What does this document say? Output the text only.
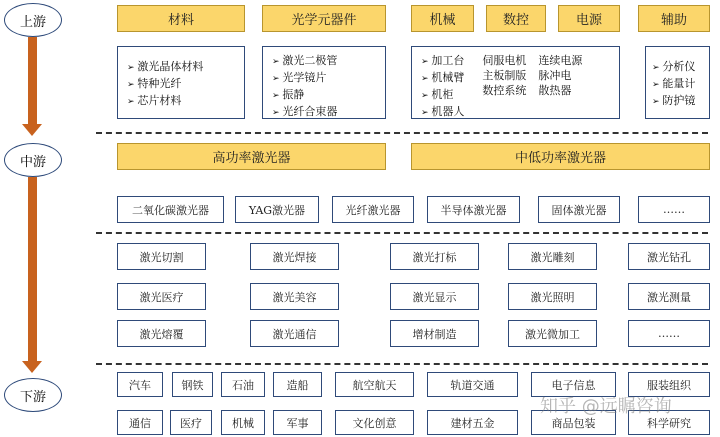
上游
中游
下游
材料	光学元器件	机械	数控	电源	辅助
➢ 激光晶体材料
➢ 特种光纤
➢ 芯片材料
➢ 激光二极管
➢ 光学镜片
➢ 振静
➢ 光纤合束器
➢ 加工台
➢ 机械臂
➢ 机柜
➢ 机器人
伺服电机
主板制版
数控系统
连续电源
脉冲电
散热器
➢ 分析仪
➢ 能量计
➢ 防护镜
高功率激光器	中低功率激光器
二氧化碳激光器	YAG激光器	光纤激光器	半导体激光器	固体激光器	……
激光切割	激光焊接	激光打标	激光雕刻	激光钻孔
激光医疗	激光美容	激光显示	激光照明	激光测量
激光熔覆	激光通信	增材制造	激光微加工	……
汽车	钢铁	石油	造船	航空航天	轨道交通	电子信息	服装组织
通信	医疗	机械	军事	文化创意	建材五金	商品包装	科学研究
知乎 @远瞩咨询
